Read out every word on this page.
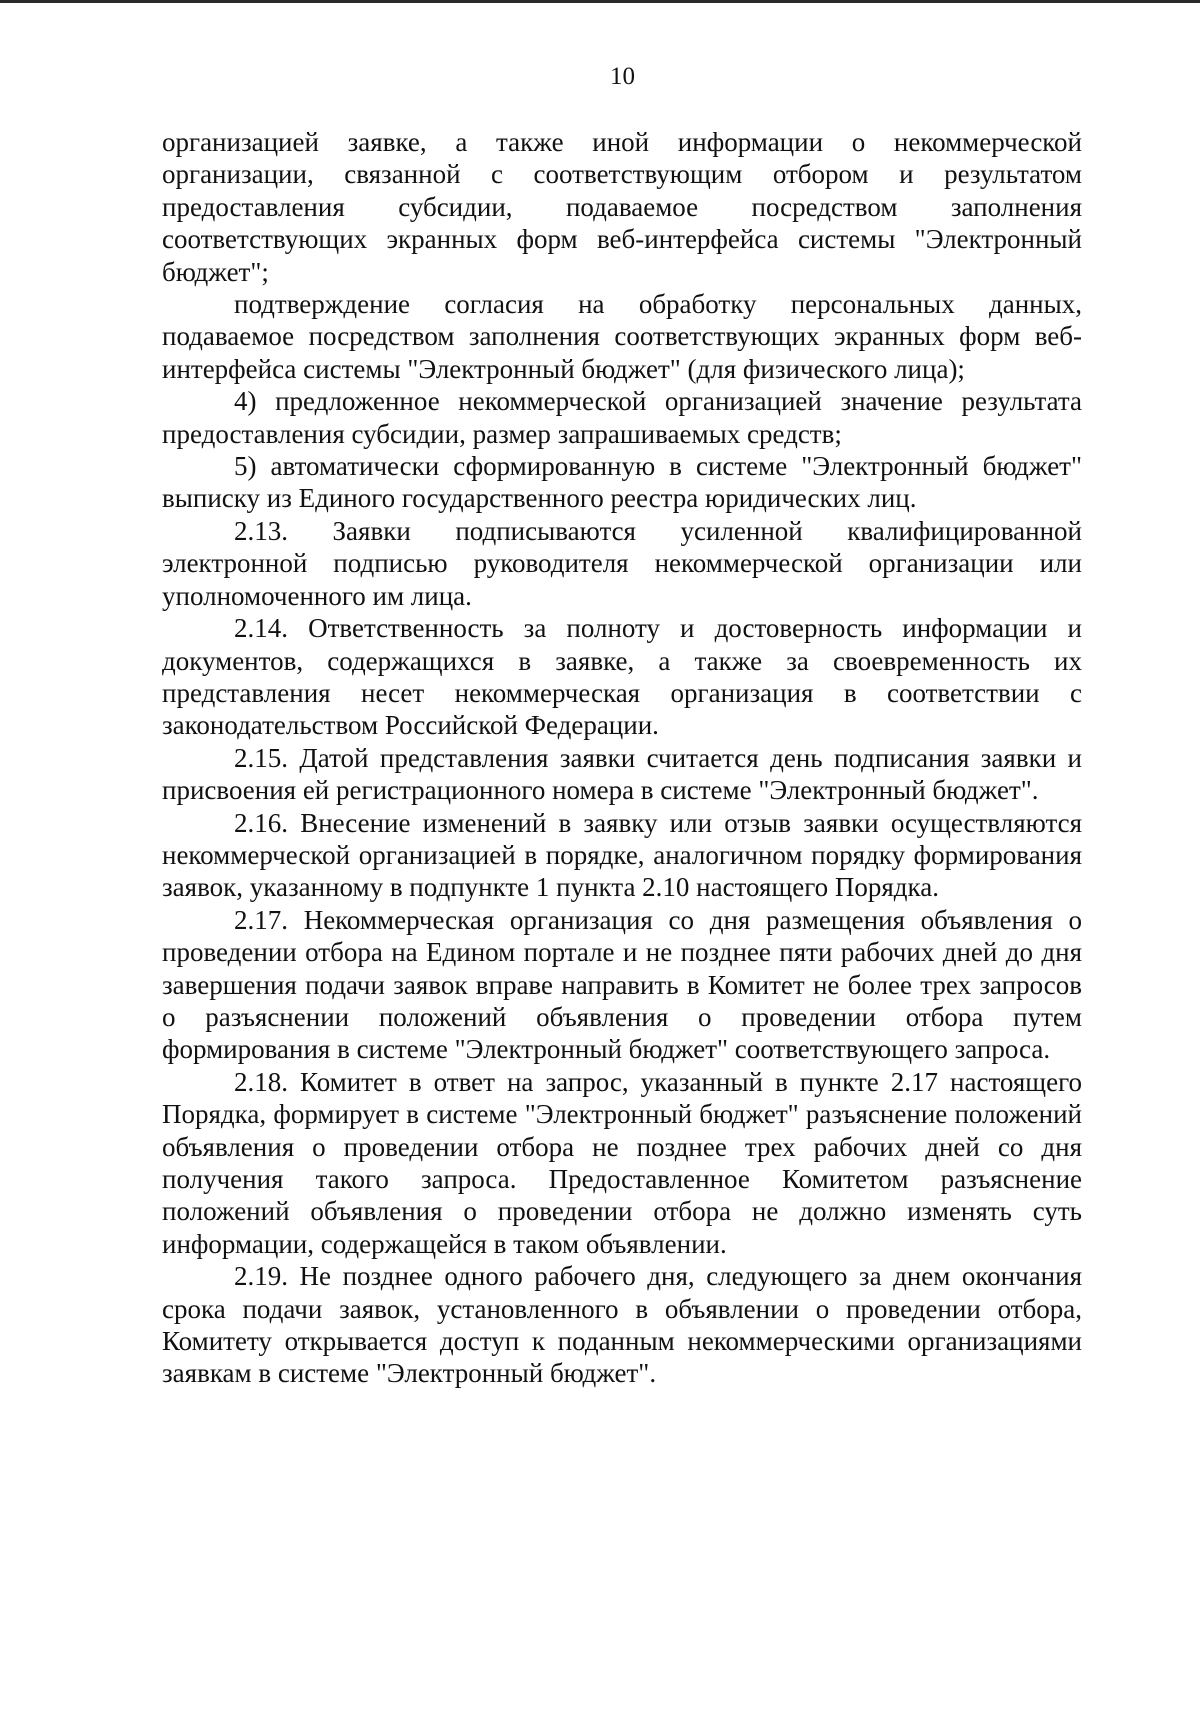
10

организацией заявке, а также иной информации о некоммерческой организации, связанной с соответствующим отбором и результатом предоставления субсидии, подаваемое посредством заполнения соответствующих экранных форм веб-интерфейса системы "Электронный бюджет";

подтверждение согласия на обработку персональных данных, подаваемое посредством заполнения соответствующих экранных форм веб-интерфейса системы "Электронный бюджет" (для физического лица);

4) предложенное некоммерческой организацией значение результата предоставления субсидии, размер запрашиваемых средств;

5) автоматически сформированную в системе "Электронный бюджет" выписку из Единого государственного реестра юридических лиц.

2.13. Заявки подписываются усиленной квалифицированной электронной подписью руководителя некоммерческой организации или уполномоченного им лица.

2.14. Ответственность за полноту и достоверность информации и документов, содержащихся в заявке, а также за своевременность их представления несет некоммерческая организация в соответствии с законодательством Российской Федерации.

2.15. Датой представления заявки считается день подписания заявки и присвоения ей регистрационного номера в системе "Электронный бюджет".

2.16. Внесение изменений в заявку или отзыв заявки осуществляются некоммерческой организацией в порядке, аналогичном порядку формирования заявок, указанному в подпункте 1 пункта 2.10 настоящего Порядка.

2.17. Некоммерческая организация со дня размещения объявления о проведении отбора на Едином портале и не позднее пяти рабочих дней до дня завершения подачи заявок вправе направить в Комитет не более трех запросов о разъяснении положений объявления о проведении отбора путем формирования в системе "Электронный бюджет" соответствующего запроса.

2.18. Комитет в ответ на запрос, указанный в пункте 2.17 настоящего Порядка, формирует в системе "Электронный бюджет" разъяснение положений объявления о проведении отбора не позднее трех рабочих дней со дня получения такого запроса. Предоставленное Комитетом разъяснение положений объявления о проведении отбора не должно изменять суть информации, содержащейся в таком объявлении.

2.19. Не позднее одного рабочего дня, следующего за днем окончания срока подачи заявок, установленного в объявлении о проведении отбора, Комитету открывается доступ к поданным некоммерческими организациями заявкам в системе "Электронный бюджет".
